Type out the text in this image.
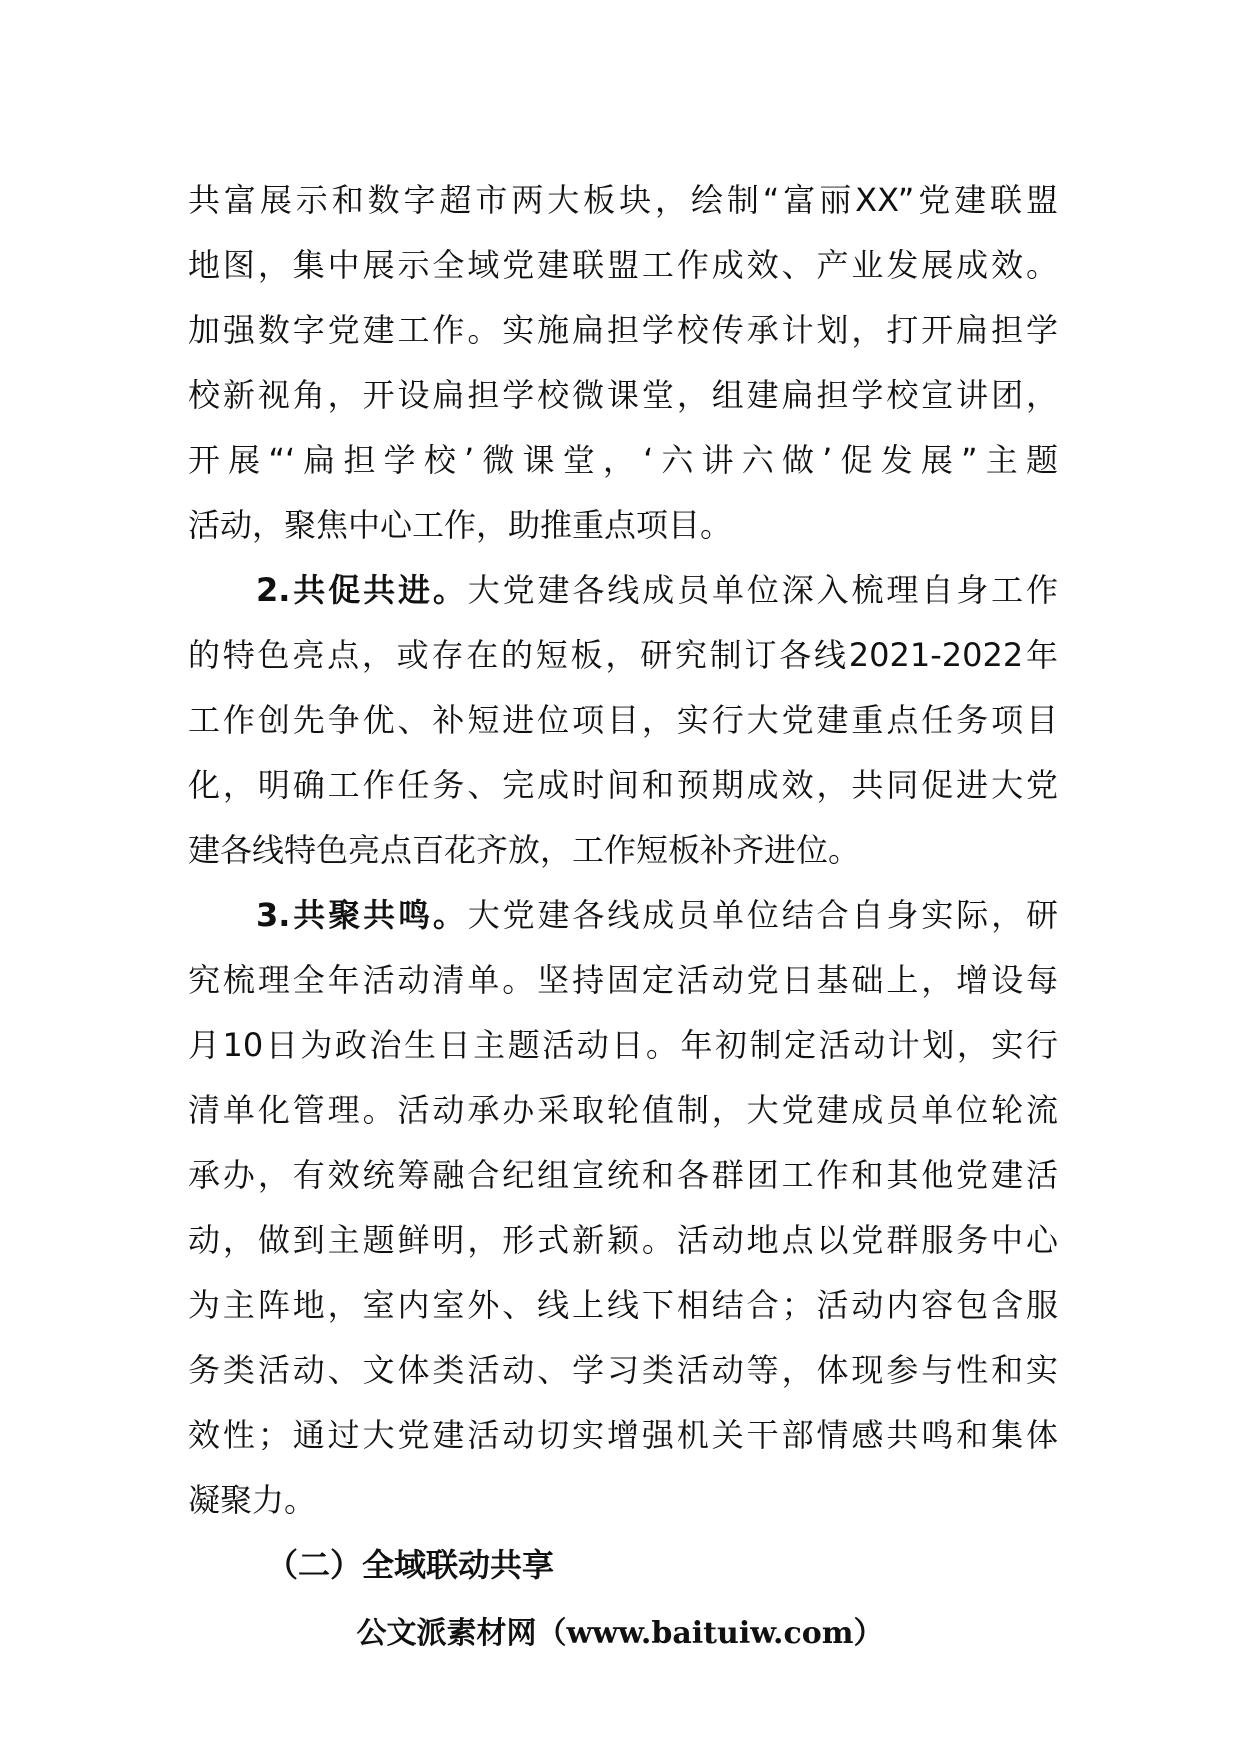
共富展示和数字超市两大板块，绘制“富丽XX”党建联盟
地图，集中展示全域党建联盟工作成效、产业发展成效。
加强数字党建工作。实施扁担学校传承计划，打开扁担学
校新视角，开设扁担学校微课堂，组建扁担学校宣讲团，
开展“‘扁担学校’微课堂，‘六讲六做’促发展”主题
活动，聚焦中心工作，助推重点项目。
2.共促共进。大党建各线成员单位深入梳理自身工作
的特色亮点，或存在的短板，研究制订各线2021-2022年
工作创先争优、补短进位项目，实行大党建重点任务项目
化，明确工作任务、完成时间和预期成效，共同促进大党
建各线特色亮点百花齐放，工作短板补齐进位。
3.共聚共鸣。大党建各线成员单位结合自身实际，研
究梳理全年活动清单。坚持固定活动党日基础上，增设每
月10日为政治生日主题活动日。年初制定活动计划，实行
清单化管理。活动承办采取轮值制，大党建成员单位轮流
承办，有效统筹融合纪组宣统和各群团工作和其他党建活
动，做到主题鲜明，形式新颖。活动地点以党群服务中心
为主阵地，室内室外、线上线下相结合；活动内容包含服
务类活动、文体类活动、学习类活动等，体现参与性和实
效性；通过大党建活动切实增强机关干部情感共鸣和集体
凝聚力。
（二）全域联动共享
公文派素材网（www.baituiw.com）
